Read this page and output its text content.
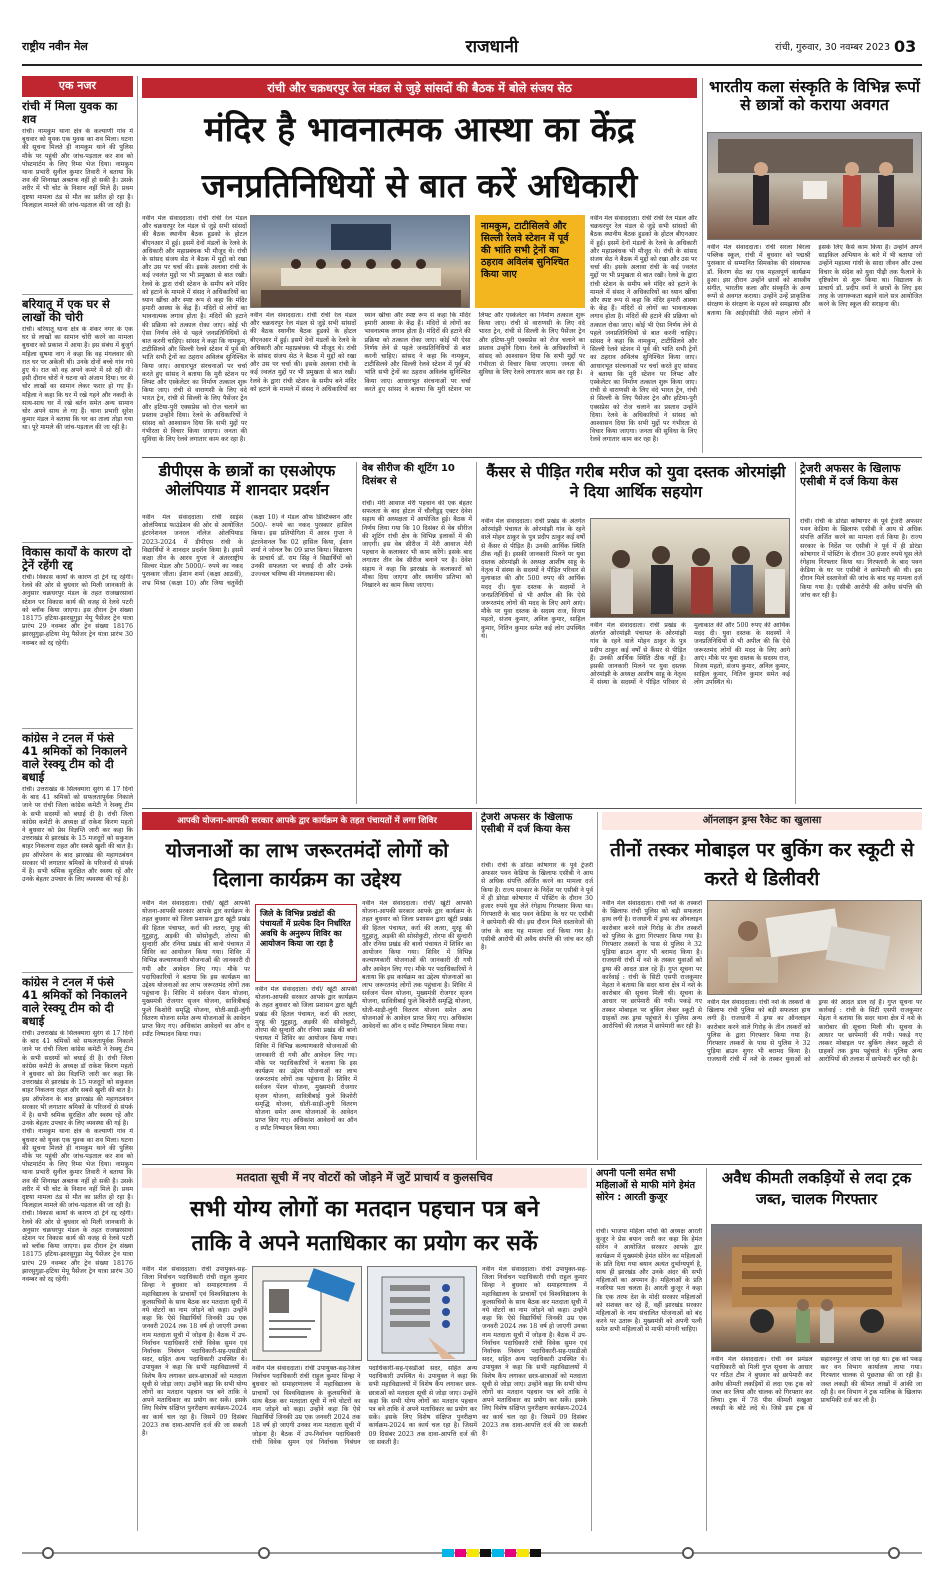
राष्ट्रीय नवीन मेल	राजधानी	रांची, गुरुवार, 30 नवम्बर 2023 03
एक नजर
रांची में मिला युवक का शव
रांची। नामकुम थाना क्षेत्र के कल्याणी गांव में बुधवार को युवक एक युवक का शव मिला। घटना की सूचना मिलते ही नामकुम थाने की पुलिस मौके पर पहुंची और जांच-पड़ताल कर शव को पोस्टमार्टम के लिए रिम्स भेज दिया। नामकुम थाना प्रभारी सुनील कुमार तिवारी ने बताया कि शव की शिनाख्त अबतक नहीं हो सकी है। उसके शरीर में भी चोट के निशान नहीं मिले हैं। प्रथम दृष्टया मामला ठंड से मौत का प्रतीत हो रहा है। फिलहाल मामले की जांच-पड़ताल की जा रही है।
बरियातू में एक घर से लाखों की चोरी
रांची। बरियातू थाना क्षेत्र के शंकर नगर के एक घर से लाखों का सामान चोरी करने का मामला बुधवार को प्रकाश में आया है। इस संबंध में बुजुर्ग महिला सुषमा नाग ने कहा कि वह मंगलवार की रात घर पर अकेली थी। उनके दोनों बच्चे गांव गये हुए थे। रात को वह अपने कमरे में सो रही थी। इसी दौरान चोरों ने घटना को अंजाम दिया। घर से चोर लाखों का सामान लेकर फरार हो गए हैं। महिला ने कहा कि घर में रखे गहने और नकदी के साथ-साथ घर में रखे बर्तन समेत अन्य सामान चोर अपने साथ ले गए हैं। थाना प्रभारी सुरेश कुमार मंडल ने बताया कि घर का ताला तोड़ा गया था। पूरे मामले की जांच-पड़ताल की जा रही है।
विकास कार्यों के कारण दो ट्रेनें रहेंगी रद्द
रांची। विकास कार्यों के कारण दो ट्रेनें रद्द रहेंगी। रेलवे की ओर से बुधवार को मिली जानकारी के अनुसार चक्रधरपुर मंडल के तहत राजखरसावां स्टेशन पर विकास कार्य की वजह से रेलवे पटरी को ब्लॉक किया जाएगा। इस दौरान ट्रेन संख्या 18175 हटिया-झारसुगुड़ा मेमू पैसेंजर ट्रेन यात्रा प्रारंभ 29 नवम्बर और ट्रेन संख्या 18176 झारसुगुड़ा-हटिया मेमू पैसेंजर ट्रेन यात्रा प्रारंभ 30 नवम्बर को रद्द रहेगी।
कांग्रेस ने टनल में फंसे 41 श्रमिकों को निकालने वाले रेस्क्यू टीम को दी बधाई
रांची। उत्तराखंड के सिलक्यारा सुरंग से 17 दिनों के बाद 41 श्रमिकों को सफलतापूर्वक निकाले जाने पर रांची जिला कांग्रेस कमेटी ने रेस्क्यू टीम के सभी सदस्यों को बधाई दी है। रांची जिला कांग्रेस कमेटी के अध्यक्ष डॉ राकेश किरण महतो ने बुधवार को प्रेस विज्ञप्ति जारी कर कहा कि उत्तराखंड से झारखंड के 15 मजदूरों को सकुशल बाहर निकलना राहत और सबसे खुशी की बात है। इस ऑपरेशन के बाद झारखंड की महागठबंधन सरकार भी लगातार श्रमिकों के परिजनों से संपर्क में है। सभी श्रमिक सुरक्षित और स्वस्थ रहें और उनके बेहतर उपचार के लिए व्यवस्था की गई है।
कांग्रेस ने टनल में फंसे 41 श्रमिकों को निकालने वाले रेस्क्यू टीम को दी बधाई
रांची। उत्तराखंड के सिलक्यारा सुरंग से 17 दिनों के बाद 41 श्रमिकों को सफलतापूर्वक निकाले जाने पर रांची जिला कांग्रेस कमेटी ने रेस्क्यू टीम के सभी सदस्यों को बधाई दी है। रांची जिला कांग्रेस कमेटी के अध्यक्ष डॉ राकेश किरण महतो ने बुधवार को प्रेस विज्ञप्ति जारी कर कहा कि उत्तराखंड से झारखंड के 15 मजदूरों को सकुशल बाहर निकलना राहत और सबसे खुशी की बात है। इस ऑपरेशन के बाद झारखंड की महागठबंधन सरकार भी लगातार श्रमिकों के परिजनों से संपर्क में है। सभी श्रमिक सुरक्षित और स्वस्थ रहें और उनके बेहतर उपचार के लिए व्यवस्था की गई है।
रांची। नामकुम थाना क्षेत्र के कल्याणी गांव में बुधवार को युवक एक युवक का शव मिला। घटना की सूचना मिलते ही नामकुम थाने की पुलिस मौके पर पहुंची और जांच-पड़ताल कर शव को पोस्टमार्टम के लिए रिम्स भेज दिया। नामकुम थाना प्रभारी सुनील कुमार तिवारी ने बताया कि शव की शिनाख्त अबतक नहीं हो सकी है। उसके शरीर में भी चोट के निशान नहीं मिले हैं। प्रथम दृष्टया मामला ठंड से मौत का प्रतीत हो रहा है। फिलहाल मामले की जांच-पड़ताल की जा रही है।
रांची। विकास कार्यों के कारण दो ट्रेनें रद्द रहेंगी। रेलवे की ओर से बुधवार को मिली जानकारी के अनुसार चक्रधरपुर मंडल के तहत राजखरसावां स्टेशन पर विकास कार्य की वजह से रेलवे पटरी को ब्लॉक किया जाएगा। इस दौरान ट्रेन संख्या 18175 हटिया-झारसुगुड़ा मेमू पैसेंजर ट्रेन यात्रा प्रारंभ 29 नवम्बर और ट्रेन संख्या 18176 झारसुगुड़ा-हटिया मेमू पैसेंजर ट्रेन यात्रा प्रारंभ 30 नवम्बर को रद्द रहेगी।
रांची और चक्रधरपुर रेल मंडल से जुड़े सांसदों की बैठक में बोले संजय सेठ
मंदिर है भावनात्मक आस्था का केंद्र
जनप्रतिनिधियों से बात करें अधिकारी
नवीन मेल संवाददाता। रांची रांची रेल मंडल और चक्रधरपुर रेल मंडल से जुड़े सभी सांसदों की बैठक स्थानीय बैठक हुडको के होटल बीएनआर में हुई। इसमें देनों मंडलों के रेलवे के अधिकारी और महाप्रबंधक भी मौजूद थे। रांची के सांसद संजय सेठ ने बैठक में मुद्दों को रखा और उस पर चर्चा की। इसके अलावा रांची के कई ज्वलंत मुद्दों पर भी प्रमुखता से बात रखी। रेलवे के द्वारा रांची स्टेशन के समीप बने मंदिर को हटाने के मामले में संसद ने अधिकारियों का ध्यान खींचा और स्पष्ट रूप से कहा कि मंदिर हमारी आस्था के केंद्र हैं। मंदिरों से लोगों का भावनात्मक लगाव होता है। मंदिरों की हटाने की प्रक्रिया को तत्काल रोका जाए। कोई भी ऐसा निर्णय लेने से पहले जनप्रतिनिधियों से बात करनी चाहिए। सांसद ने कहा कि नामकुम, टाटीसिलवे और सिल्ली रेलवे स्टेशन में पूर्व की भांति सभी ट्रेनों का ठहराव अविलंब सुनिश्चित किया जाए। आधारभूत संरचनाओं पर चर्चा करते हुए सांसद ने बताया कि मुरी स्टेशन पर लिफ्ट और एस्केलेटर का निर्माण तत्काल शुरू किया जाए। रांची से वाराणसी के लिए वंदे भारत ट्रेन, रांची से सिल्ली के लिए पैसेंजर ट्रेन और हटिया-पुरी एक्सप्रेस को रोज चलाने का प्रस्ताव उन्होंने दिया। रेलवे के अधिकारियों ने सांसद को आश्वासन दिया कि सभी मुद्दों पर गंभीरता से विचार किया जाएगा। जनता की सुविधा के लिए रेलवे लगातार काम कर रहा है।
नामकुम, टाटीसिलवे और सिल्ली रेलवे स्टेशन में पूर्व की भांति सभी ट्रेनों का ठहराव अविलंब सुनिश्चित किया जाए
नवीन मेल संवाददाता। रांची रांची रेल मंडल और चक्रधरपुर रेल मंडल से जुड़े सभी सांसदों की बैठक स्थानीय बैठक हुडको के होटल बीएनआर में हुई। इसमें देनों मंडलों के रेलवे के अधिकारी और महाप्रबंधक भी मौजूद थे। रांची के सांसद संजय सेठ ने बैठक में मुद्दों को रखा और उस पर चर्चा की। इसके अलावा रांची के कई ज्वलंत मुद्दों पर भी प्रमुखता से बात रखी। रेलवे के द्वारा रांची स्टेशन के समीप बने मंदिर को हटाने के मामले में संसद ने अधिकारियों का ध्यान खींचा और स्पष्ट रूप से कहा कि मंदिर हमारी आस्था के केंद्र हैं। मंदिरों से लोगों का भावनात्मक लगाव होता है। मंदिरों की हटाने की प्रक्रिया को तत्काल रोका जाए। कोई भी ऐसा निर्णय लेने से पहले जनप्रतिनिधियों से बात करनी चाहिए। सांसद ने कहा कि नामकुम, टाटीसिलवे और सिल्ली रेलवे स्टेशन में पूर्व की भांति सभी ट्रेनों का ठहराव अविलंब सुनिश्चित किया जाए। आधारभूत संरचनाओं पर चर्चा करते हुए सांसद ने बताया कि मुरी स्टेशन पर लिफ्ट और एस्केलेटर का निर्माण तत्काल शुरू किया जाए। रांची से वाराणसी के लिए वंदे भारत ट्रेन, रांची से सिल्ली के लिए पैसेंजर ट्रेन और हटिया-पुरी एक्सप्रेस को रोज चलाने का प्रस्ताव उन्होंने दिया। रेलवे के अधिकारियों ने सांसद को आश्वासन दिया कि सभी मुद्दों पर गंभीरता से विचार किया जाएगा। जनता की सुविधा के लिए रेलवे लगातार काम कर रहा है।
नवीन मेल संवाददाता। रांची रांची रेल मंडल और चक्रधरपुर रेल मंडल से जुड़े सभी सांसदों की बैठक स्थानीय बैठक हुडको के होटल बीएनआर में हुई। इसमें देनों मंडलों के रेलवे के अधिकारी और महाप्रबंधक भी मौजूद थे। रांची के सांसद संजय सेठ ने बैठक में मुद्दों को रखा और उस पर चर्चा की। इसके अलावा रांची के कई ज्वलंत मुद्दों पर भी प्रमुखता से बात रखी। रेलवे के द्वारा रांची स्टेशन के समीप बने मंदिर को हटाने के मामले में संसद ने अधिकारियों का ध्यान खींचा और स्पष्ट रूप से कहा कि मंदिर हमारी आस्था के केंद्र हैं। मंदिरों से लोगों का भावनात्मक लगाव होता है। मंदिरों की हटाने की प्रक्रिया को तत्काल रोका जाए। कोई भी ऐसा निर्णय लेने से पहले जनप्रतिनिधियों से बात करनी चाहिए। सांसद ने कहा कि नामकुम, टाटीसिलवे और सिल्ली रेलवे स्टेशन में पूर्व की भांति सभी ट्रेनों का ठहराव अविलंब सुनिश्चित किया जाए। आधारभूत संरचनाओं पर चर्चा करते हुए सांसद ने बताया कि मुरी स्टेशन पर लिफ्ट और एस्केलेटर का निर्माण तत्काल शुरू किया जाए। रांची से वाराणसी के लिए वंदे भारत ट्रेन, रांची से सिल्ली के लिए पैसेंजर ट्रेन और हटिया-पुरी एक्सप्रेस को रोज चलाने का प्रस्ताव उन्होंने दिया। रेलवे के अधिकारियों ने सांसद को आश्वासन दिया कि सभी मुद्दों पर गंभीरता से विचार किया जाएगा। जनता की सुविधा के लिए रेलवे लगातार काम कर रहा है।
भारतीय कला संस्कृति के विभिन्न रूपों से छात्रों को कराया अवगत
नवीन मेल संवाददाता। रांची सरला बिरला पब्लिक स्कूल, रांची में बुधवार को पद्मश्री पुरस्कार से सम्मानित सिमकोक की संस्थापक डॉ. किरण सेठ का एक महत्वपूर्ण कार्यक्रम हुआ। इस दौरान उन्होंने छात्रों को शास्त्रीय संगीत, भारतीय कला और संस्कृति के अन्य रूपों से अवगत कराया। उन्होंने उन्हें प्राकृतिक संरक्षण के संरक्षण के महत्व को समझाया और बताया कि आईएसीडी जैसे महान लोगों ने इसके लिए कैसे काम किया है। उन्होंने अपने साइकिल अभियान के बारे में भी बताया जो उन्होंने महात्मा गांधी के सादा जीवन और उच्च विचार के संदेश को युवा पीढ़ी तक फैलाने के दृष्टिकोण से शुरू किया था। विद्यालय के प्राचार्य डॉ. प्रदीप वर्मा ने छात्रों के लिए इस तरह के जागरूकता बढ़ाने वाले सत्र आयोजित करने के लिए स्कूल की सराहना की।
डीपीएस के छात्रों का एसओएफ ओलंपियाड में शानदार प्रदर्शन
नवीन मेल संवाददाता। रांची साइंस ओलंपियाड फाउंडेशन की ओर से आयोजित इंटरनेशनल जनरल नॉलेज ओलंपियाड 2023-2024 में डीपीएस रांची के विद्यार्थियों ने शानदार प्रदर्शन किया है। इसमें कक्षा तीन के आरव गुप्ता ने अंतरराष्ट्रीय सिल्वर मेडल और 5000/- रुपये का नकद पुरस्कार जीता। ईशान शर्मा (कक्षा आठवीं), शभ्र मिश्रा (कक्षा 10) और जिया चतुर्वेदी (कक्षा 10) ने मेडल ऑफ डिस्टिंक्शन और 500/- रुपये का नकद पुरस्कार हासिल किया। इस प्रतियोगिता में आरव गुप्ता ने इंटरनेशनल रैंक 02 हासिल किया, ईशान शर्मा ने जोनल रैंक 09 प्राप्त किया। विद्यालय के प्राचार्य डॉ. राम सिंह ने विद्यार्थियों को उनकी सफलता पर बधाई दी और उनके उज्ज्वल भविष्य की मंगलकामना की।
वेब सीरीज की शूटिंग 10 दिसंबर से
रांची। मेरी आवाज मेरी पहचान की एक बेहतर सफलता के बाद होटल में चौलीडूड् एक्टर देवेश सहाय की अध्यक्षता में आयोजित हुई। बैठक में निर्णय लिया गया कि 10 दिसंबर से वेब सीरीज की शूटिंग रांची क्षेत्र के विभिन्न इलाकों में की जाएगी। इस वेब सीरीज में मेरी आवाज मेरी पहचान के कलाकार भी काम करेंगे। इसके बाद लगातार तीन वेब सीरीज बनाने पर है। देवेश सहाय ने कहा कि झारखंड के कलाकारों को मौका दिया जाएगा और स्थानीय प्रतिभा को निखारने का काम किया जाएगा।
कैंसर से पीड़ित गरीब मरीज को युवा दस्तक ओरमांझी ने दिया आर्थिक सहयोग
नवीन मेल संवाददाता। रांची प्रखंड के अंतर्गत ओरमांझी पंचायत के ओरमांझी गांव के रहने वाले मोहन ठाकुर के पुत्र प्रदीप ठाकुर कई वर्षों से कैंसर से पीड़ित हैं। उनकी आर्थिक स्थिति ठीक नहीं है। इसकी जानकारी मिलने पर युवा दस्तक ओरमांझी के अध्यक्ष आशीष साहू के नेतृत्व में संस्था के सदस्यों ने पीड़ित परिवार से मुलाकात की और 500 रुपए की आर्थिक मदद दी। युवा दस्तक के सदस्यों ने जनप्रतिनिधियों से भी अपील की कि ऐसे जरूरतमंद लोगों की मदद के लिए आगे आएं। मौके पर युवा दस्तक के सदस्य राज, विजय महतो, संजय कुमार, अनिल कुमार, साहिल कुमार, नितिन कुमार समेत कई लोग उपस्थित थे।
नवीन मेल संवाददाता। रांची प्रखंड के अंतर्गत ओरमांझी पंचायत के ओरमांझी गांव के रहने वाले मोहन ठाकुर के पुत्र प्रदीप ठाकुर कई वर्षों से कैंसर से पीड़ित हैं। उनकी आर्थिक स्थिति ठीक नहीं है। इसकी जानकारी मिलने पर युवा दस्तक ओरमांझी के अध्यक्ष आशीष साहू के नेतृत्व में संस्था के सदस्यों ने पीड़ित परिवार से मुलाकात की और 500 रुपए की आर्थिक मदद दी। युवा दस्तक के सदस्यों ने जनप्रतिनिधियों से भी अपील की कि ऐसे जरूरतमंद लोगों की मदद के लिए आगे आएं। मौके पर युवा दस्तक के सदस्य राज, विजय महतो, संजय कुमार, अनिल कुमार, साहिल कुमार, नितिन कुमार समेत कई लोग उपस्थित थे।
ट्रेजरी अफसर के खिलाफ एसीबी में दर्ज किया केस
रांची। रांची के डोरंडा कोषागार के पूर्व ट्रेजरी अफसर पवन केडिया के खिलाफ एसीबी ने आय से अधिक संपत्ति अर्जित करने का मामला दर्ज किया है। राज्य सरकार के निर्देश पर एसीबी ने पूर्व में ही डोरंडा कोषागार में पोस्टिंग के दौरान 30 हजार रुपये घूस लेते रंगेहाथ गिरफ्तार किया था। गिरफ्तारी के बाद पवन केडिया के घर पर एसीबी ने छापेमारी की थी। इस दौरान मिले दस्तावेजों की जांच के बाद यह मामला दर्ज किया गया है। एसीबी आरोपी की अवैध संपत्ति की जांच कर रही है।
आपकी योजना-आपकी सरकार आपके द्वार कार्यक्रम के तहत पंचायतों में लगा शिविर
योजनाओं का लाभ जरूरतमंदों लोगों को दिलाना कार्यक्रम का उद्देश्य
नवीन मेल संवाददाता। रांची/ खूंटी आपकी योजना-आपकी सरकार आपके द्वार कार्यक्रम के तहत बुधवार को जिला प्रशासन द्वारा खूंटी प्रखंड की हितल पंचायत, कर्रा की लतरा, मुरहू की गुटुहातु, अड़की की सोसोकुटी, तोरपा की सुन्दारी और रनिया प्रखंड की बानो पंचायत में शिविर का आयोजन किया गया। शिविर में विभिन्न कल्याणकारी योजनाओं की जानकारी दी गयी और आवेदन लिए गए। मौके पर पदाधिकारियों ने बताया कि इस कार्यक्रम का उद्देश्य योजनाओं का लाभ जरूरतमंद लोगों तक पहुंचाना है। शिविर में सर्वजन पेंशन योजना, मुख्यमंत्री रोजगार सृजन योजना, सावित्रीबाई फुले किशोरी समृद्धि योजना, धोती-साड़ी-लुंगी वितरण योजना समेत अन्य योजनाओं के आवेदन प्राप्त किए गए। अधिकांश आवेदनों का ऑन द स्पॉट निष्पादन किया गया।
जिले के विभिन्न प्रखंडों की पंचायतों में प्रत्येक दिन निर्धारित अवधि के अनुरूप शिविर का आयोजन किया जा रहा है
नवीन मेल संवाददाता। रांची/ खूंटी आपकी योजना-आपकी सरकार आपके द्वार कार्यक्रम के तहत बुधवार को जिला प्रशासन द्वारा खूंटी प्रखंड की हितल पंचायत, कर्रा की लतरा, मुरहू की गुटुहातु, अड़की की सोसोकुटी, तोरपा की सुन्दारी और रनिया प्रखंड की बानो पंचायत में शिविर का आयोजन किया गया। शिविर में विभिन्न कल्याणकारी योजनाओं की जानकारी दी गयी और आवेदन लिए गए। मौके पर पदाधिकारियों ने बताया कि इस कार्यक्रम का उद्देश्य योजनाओं का लाभ जरूरतमंद लोगों तक पहुंचाना है। शिविर में सर्वजन पेंशन योजना, मुख्यमंत्री रोजगार सृजन योजना, सावित्रीबाई फुले किशोरी समृद्धि योजना, धोती-साड़ी-लुंगी वितरण योजना समेत अन्य योजनाओं के आवेदन प्राप्त किए गए। अधिकांश आवेदनों का ऑन द स्पॉट निष्पादन किया गया।
नवीन मेल संवाददाता। रांची/ खूंटी आपकी योजना-आपकी सरकार आपके द्वार कार्यक्रम के तहत बुधवार को जिला प्रशासन द्वारा खूंटी प्रखंड की हितल पंचायत, कर्रा की लतरा, मुरहू की गुटुहातु, अड़की की सोसोकुटी, तोरपा की सुन्दारी और रनिया प्रखंड की बानो पंचायत में शिविर का आयोजन किया गया। शिविर में विभिन्न कल्याणकारी योजनाओं की जानकारी दी गयी और आवेदन लिए गए। मौके पर पदाधिकारियों ने बताया कि इस कार्यक्रम का उद्देश्य योजनाओं का लाभ जरूरतमंद लोगों तक पहुंचाना है। शिविर में सर्वजन पेंशन योजना, मुख्यमंत्री रोजगार सृजन योजना, सावित्रीबाई फुले किशोरी समृद्धि योजना, धोती-साड़ी-लुंगी वितरण योजना समेत अन्य योजनाओं के आवेदन प्राप्त किए गए। अधिकांश आवेदनों का ऑन द स्पॉट निष्पादन किया गया।
ट्रेजरी अफसर के खिलाफ एसीबी में दर्ज किया केस
रांची। रांची के डोरंडा कोषागार के पूर्व ट्रेजरी अफसर पवन केडिया के खिलाफ एसीबी ने आय से अधिक संपत्ति अर्जित करने का मामला दर्ज किया है। राज्य सरकार के निर्देश पर एसीबी ने पूर्व में ही डोरंडा कोषागार में पोस्टिंग के दौरान 30 हजार रुपये घूस लेते रंगेहाथ गिरफ्तार किया था। गिरफ्तारी के बाद पवन केडिया के घर पर एसीबी ने छापेमारी की थी। इस दौरान मिले दस्तावेजों की जांच के बाद यह मामला दर्ज किया गया है। एसीबी आरोपी की अवैध संपत्ति की जांच कर रही है।
ऑनलाइन ड्रग्स रैकेट का खुलासा
तीनों तस्कर मोबाइल पर बुकिंग कर स्कूटी से करते थे डिलीवरी
नवीन मेल संवाददाता। रांची नशे के तस्करों के खिलाफ रांची पुलिस को बड़ी सफलता हाथ लगी है। राजधानी में ड्रग्स का ऑनलाइन कारोबार करने वाले गिरोह के तीन तस्करों को पुलिस के द्वारा गिरफ्तार किया गया है। गिरफ्तार तस्करों के पास से पुलिस ने 32 पुड़िया ब्राउन शुगर भी बरामद किया है। राजधानी रांची में नशे के तस्कर युवाओं को ड्रग्स की आदत डाल रहे हैं। गुप्त सूचना पर कार्रवाई : रांची के सिटी एसपी राजकुमार मेहता ने बताया कि सदर थाना क्षेत्र में नशे के कारोबार की सूचना मिली थी। सूचना के आधार पर छापेमारी की गयी। पकड़े गए तस्कर मोबाइल पर बुकिंग लेकर स्कूटी से ग्राहकों तक ड्रग्स पहुंचाते थे। पुलिस अन्य आरोपियों की तलाश में छापेमारी कर रही है।
नवीन मेल संवाददाता। रांची नशे के तस्करों के खिलाफ रांची पुलिस को बड़ी सफलता हाथ लगी है। राजधानी में ड्रग्स का ऑनलाइन कारोबार करने वाले गिरोह के तीन तस्करों को पुलिस के द्वारा गिरफ्तार किया गया है। गिरफ्तार तस्करों के पास से पुलिस ने 32 पुड़िया ब्राउन शुगर भी बरामद किया है। राजधानी रांची में नशे के तस्कर युवाओं को ड्रग्स की आदत डाल रहे हैं। गुप्त सूचना पर कार्रवाई : रांची के सिटी एसपी राजकुमार मेहता ने बताया कि सदर थाना क्षेत्र में नशे के कारोबार की सूचना मिली थी। सूचना के आधार पर छापेमारी की गयी। पकड़े गए तस्कर मोबाइल पर बुकिंग लेकर स्कूटी से ग्राहकों तक ड्रग्स पहुंचाते थे। पुलिस अन्य आरोपियों की तलाश में छापेमारी कर रही है।
मतदाता सूची में नए वोटरों को जोड़ने में जुटें प्राचार्य व कुलसचिव
सभी योग्य लोगों का मतदान पहचान पत्र बने
ताकि वे अपने मताधिकार का प्रयोग कर सकें
नवीन मेल संवाददाता। रांची उपायुक्त-सह-जिला निर्वाचन पदाधिकारी रांची राहुल कुमार सिन्हा ने बुधवार को समाहरणालय में महाविद्यालय के प्राचार्यों एवं विश्वविद्यालय के कुलसचिवों के साथ बैठक कर मतदाता सूची में नये वोटरों का नाम जोड़ने को कहा। उन्होंने कहा कि ऐसे विद्यार्थियों जिनकी उम्र एक जनवरी 2024 तक 18 वर्ष हो जाएगी उनका नाम मतदाता सूची में जोड़ना है। बैठक में उप-निर्वाचन पदाधिकारी रांची विवेक सुमन एवं निर्वाचक निबंधन पदाधिकारी-सह-एसडीओ सदर, सहित अन्य पदाधिकारी उपस्थित थे। उपायुक्त ने कहा कि सभी महाविद्यालयों में विशेष कैंप लगाकर छात्र-छात्राओं को मतदाता सूची से जोड़ा जाए। उन्होंने कहा कि सभी योग्य लोगों का मतदान पहचान पत्र बने ताकि वे अपने मताधिकार का प्रयोग कर सकें। इसके लिए विशेष संक्षिप्त पुनरीक्षण कार्यक्रम-2024 का कार्य चल रहा है। जिसमें 09 दिसंबर 2023 तक दावा-आपत्ति दर्ज की जा सकती है।
नवीन मेल संवाददाता। रांची उपायुक्त-सह-जिला निर्वाचन पदाधिकारी रांची राहुल कुमार सिन्हा ने बुधवार को समाहरणालय में महाविद्यालय के प्राचार्यों एवं विश्वविद्यालय के कुलसचिवों के साथ बैठक कर मतदाता सूची में नये वोटरों का नाम जोड़ने को कहा। उन्होंने कहा कि ऐसे विद्यार्थियों जिनकी उम्र एक जनवरी 2024 तक 18 वर्ष हो जाएगी उनका नाम मतदाता सूची में जोड़ना है। बैठक में उप-निर्वाचन पदाधिकारी रांची विवेक सुमन एवं निर्वाचक निबंधन पदाधिकारी-सह-एसडीओ सदर, सहित अन्य पदाधिकारी उपस्थित थे। उपायुक्त ने कहा कि सभी महाविद्यालयों में विशेष कैंप लगाकर छात्र-छात्राओं को मतदाता सूची से जोड़ा जाए। उन्होंने कहा कि सभी योग्य लोगों का मतदान पहचान पत्र बने ताकि वे अपने मताधिकार का प्रयोग कर सकें। इसके लिए विशेष संक्षिप्त पुनरीक्षण कार्यक्रम-2024 का कार्य चल रहा है। जिसमें 09 दिसंबर 2023 तक दावा-आपत्ति दर्ज की जा सकती है।
नवीन मेल संवाददाता। रांची उपायुक्त-सह-जिला निर्वाचन पदाधिकारी रांची राहुल कुमार सिन्हा ने बुधवार को समाहरणालय में महाविद्यालय के प्राचार्यों एवं विश्वविद्यालय के कुलसचिवों के साथ बैठक कर मतदाता सूची में नये वोटरों का नाम जोड़ने को कहा। उन्होंने कहा कि ऐसे विद्यार्थियों जिनकी उम्र एक जनवरी 2024 तक 18 वर्ष हो जाएगी उनका नाम मतदाता सूची में जोड़ना है। बैठक में उप-निर्वाचन पदाधिकारी रांची विवेक सुमन एवं निर्वाचक निबंधन पदाधिकारी-सह-एसडीओ सदर, सहित अन्य पदाधिकारी उपस्थित थे। उपायुक्त ने कहा कि सभी महाविद्यालयों में विशेष कैंप लगाकर छात्र-छात्राओं को मतदाता सूची से जोड़ा जाए। उन्होंने कहा कि सभी योग्य लोगों का मतदान पहचान पत्र बने ताकि वे अपने मताधिकार का प्रयोग कर सकें। इसके लिए विशेष संक्षिप्त पुनरीक्षण कार्यक्रम-2024 का कार्य चल रहा है। जिसमें 09 दिसंबर 2023 तक दावा-आपत्ति दर्ज की जा सकती है।
अपनी पत्नी समेत सभी महिलाओं से माफी मांगे हेमंत सोरेन : आरती कुजूर
रांची। भाजपा महिला मोर्चा की अध्यक्ष आरती कुजूर ने प्रेस बयान जारी कर कहा कि हेमंत सोरेन ने आयोजित सरकार आपके द्वार कार्यक्रम में मुख्यमंत्री हेमंत सोरेन का महिलाओं के प्रति दिया गया बयान अत्यंत दुर्भाग्यपूर्ण है, साथ ही झारखंड और उनके अंदर की सभी महिलाओं का अपमान है। महिलाओं के प्रति नजरिया पता चलता है। आरती कुजूर ने कहा कि एक तरफ देश के मोदी सरकार महिलाओं को सशक्त कर रहे हैं, वहीं झारखंड सरकार महिलाओं के नाम संचालित योजनाओं को बंद करने पर उतारू है। मुख्यमंत्री को अपनी पत्नी समेत सभी महिलाओं से माफी मांगनी चाहिए।
अवैध कीमती लकड़ियों से लदा ट्रक जब्त, चालक गिरफ्तार
नवीन मेल संवाददाता। रांची वन प्रमंडल पदाधिकारी को मिली गुप्त सूचना के आधार पर गठित टीम ने बुधवार को छापेमारी कर अवैध कीमती लकड़ियों से लदा एक ट्रक को जब्त कर लिया और चालक को गिरफ्तार कर लिया। ट्रक में 78 पीस कीमती सखुआ लकड़ी के बोटे लदे थे। जिसे इस ट्रक से सहारनपुर ले जाया जा रहा था। ट्रक को पकड़ कर वन विभाग कार्यालय लाया गया। गिरफ्तार चालक से पूछताछ की जा रही है। जब्त लकड़ी की कीमत लाखों में आंकी जा रही है। वन विभाग ने ट्रक मालिक के खिलाफ प्राथमिकी दर्ज कर ली है।
